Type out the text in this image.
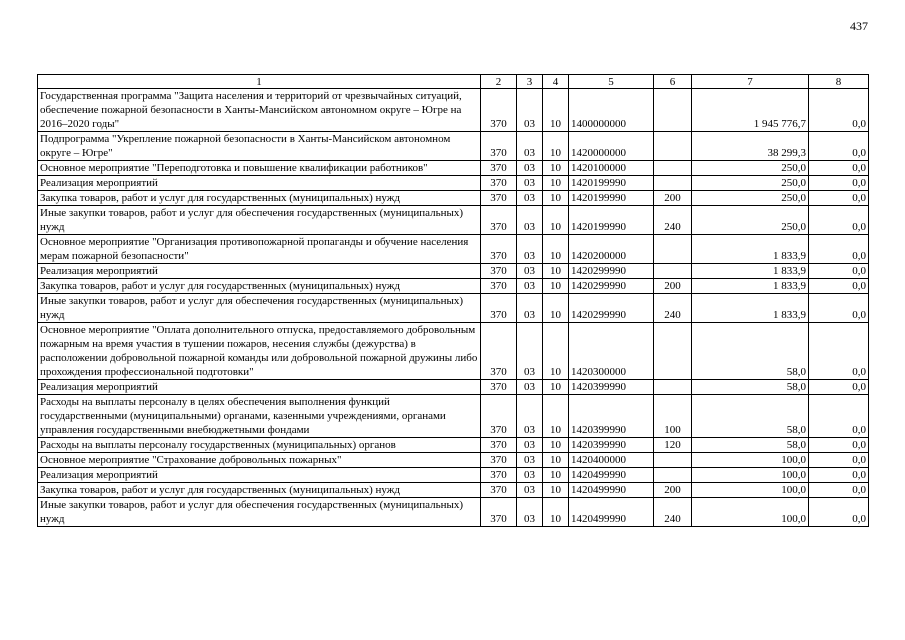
437
1	2	3	4	5	6	7	8
Государственная программа "Защита населения и территорий от чрезвычайных ситуаций, обеспечение пожарной безопасности в Ханты-Мансийском автономном округе – Югре на 2016–2020 годы"	370	03	10	1400000000		1 945 776,7	0,0
Подпрограмма "Укрепление пожарной безопасности в Ханты-Мансийском автономном округе – Югре"	370	03	10	1420000000		38 299,3	0,0
Основное мероприятие "Переподготовка и повышение квалификации работников"	370	03	10	1420100000		250,0	0,0
Реализация мероприятий	370	03	10	1420199990		250,0	0,0
Закупка товаров, работ и услуг для государственных (муниципальных) нужд	370	03	10	1420199990	200	250,0	0,0
Иные закупки товаров, работ и услуг для обеспечения государственных (муниципальных) нужд	370	03	10	1420199990	240	250,0	0,0
Основное мероприятие "Организация противопожарной пропаганды и обучение населения мерам пожарной безопасности"	370	03	10	1420200000		1 833,9	0,0
Реализация мероприятий	370	03	10	1420299990		1 833,9	0,0
Закупка товаров, работ и услуг для государственных (муниципальных) нужд	370	03	10	1420299990	200	1 833,9	0,0
Иные закупки товаров, работ и услуг для обеспечения государственных (муниципальных) нужд	370	03	10	1420299990	240	1 833,9	0,0
Основное мероприятие "Оплата дополнительного отпуска, предоставляемого добровольным пожарным на время участия в тушении пожаров, несения службы (дежурства) в расположении добровольной пожарной команды или добровольной пожарной дружины либо прохождения профессиональной подготовки"	370	03	10	1420300000		58,0	0,0
Реализация мероприятий	370	03	10	1420399990		58,0	0,0
Расходы на выплаты персоналу в целях обеспечения выполнения функций государственными (муниципальными) органами, казенными учреждениями, органами управления государственными внебюджетными фондами	370	03	10	1420399990	100	58,0	0,0
Расходы на выплаты персоналу государственных (муниципальных) органов	370	03	10	1420399990	120	58,0	0,0
Основное мероприятие "Страхование добровольных пожарных"	370	03	10	1420400000		100,0	0,0
Реализация мероприятий	370	03	10	1420499990		100,0	0,0
Закупка товаров, работ и услуг для государственных (муниципальных) нужд	370	03	10	1420499990	200	100,0	0,0
Иные закупки товаров, работ и услуг для обеспечения государственных (муниципальных) нужд	370	03	10	1420499990	240	100,0	0,0
